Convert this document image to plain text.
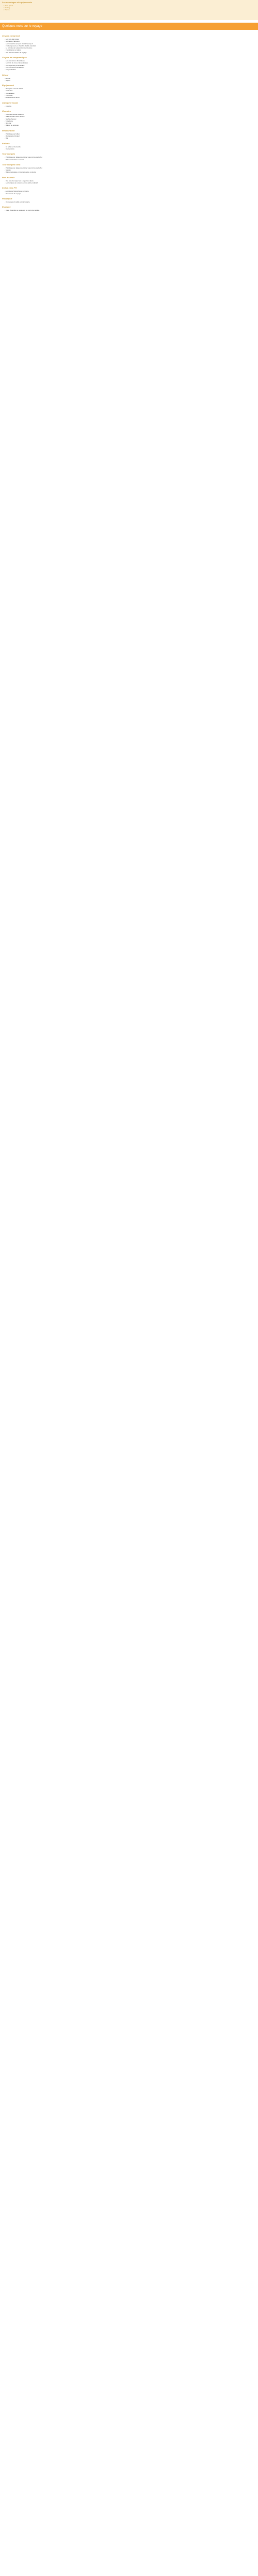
Les avantages et équipements
• Wi-Fi gratuit
• Parking
• Piscine
Quelques mots sur le voyage
Ce prix comprend
- Les vols aller-retour
- Les taxes d'aéroport
- Les transferts aéroport / hôtel / aéroport
- L'hébergement en chambre double standard
- La formule de restauration mentionnée
- L'assistance sur place
- Une documentation de voyage
Ce prix ne comprend pas
- Les assurances facultatives
- Les frais de visa et taxes locales
- Les dépenses personnelles
- Les excursions facultatives
- Les pourboires
Séjour
- Arrivée
- Départ
Équipement
- Réception ouverte 24h/24
- Coffre-fort
- Climatisation
- Télévision
- Accès Internet Wi-Fi
Catégorie locale
- 4 étoiles
Chambre
- Chambre double standard
- Salle de bains avec douche
- Sèche-cheveux
- Téléphone
- Mini-bar
- Balcon ou terrasse
Restauration
- Petit déjeuner buffet
- Restaurant principal
- Bar
Enfants
- Lit bébé sur demande
- Club enfants
Tout compris
- Petit déjeuner, déjeuner et dîner sous forme de buffet
- Boissons locales à volonté
Tout compris Ultra
- Petit déjeuner, déjeuner et dîner sous forme de buffet
- Snacks
- Boissons locales et internationales à volonté
Bon à savoir
- Une taxe de séjour est à régler sur place.
- Les horaires de vol sont donnés à titre indicatif.
Inclus chez FTI
- Assistance francophone sur place
- Documents de voyage
Passeport
- Un passeport valide est nécessaire.
Espagne
- Carte d'identité ou passeport en cours de validité.
